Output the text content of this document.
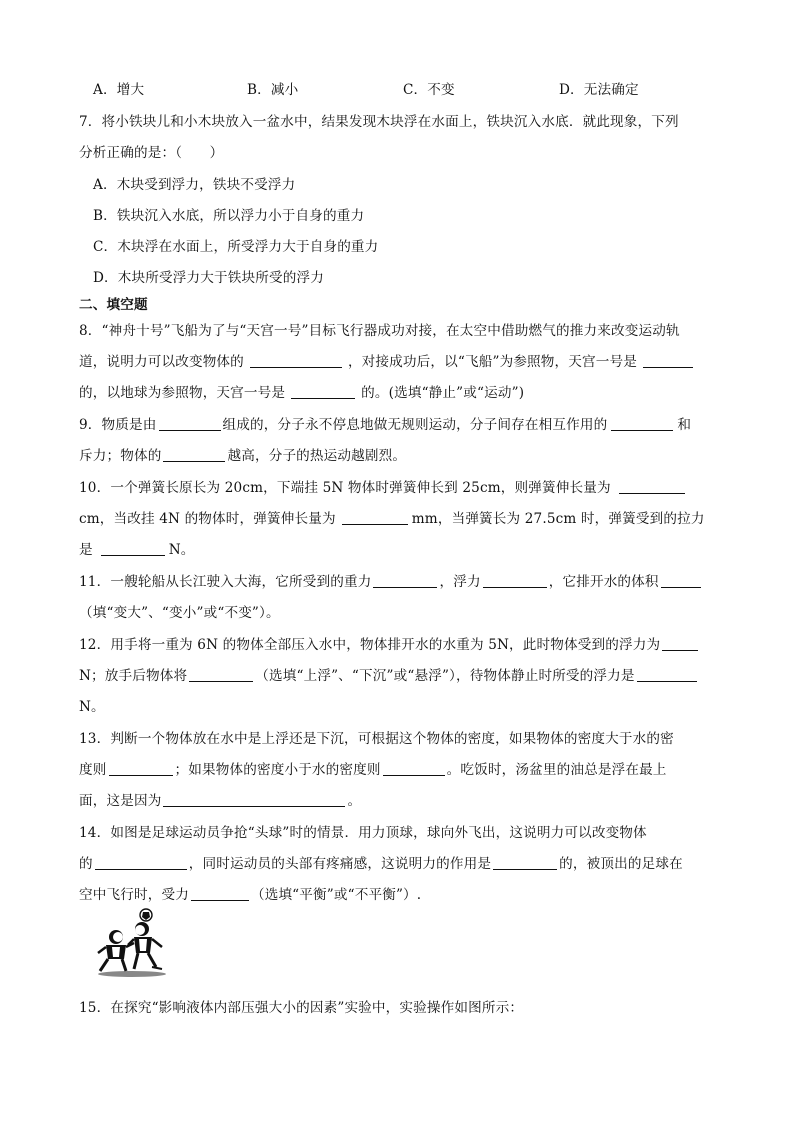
A．增大	B．减小	C．不变	D．无法确定
7．将小铁块儿和小木块放入一盆水中，结果发现木块浮在水面上，铁块沉入水底．就此现象，下列
分析正确的是：（　　）
A．木块受到浮力，铁块不受浮力
B．铁块沉入水底，所以浮力小于自身的重力
C．木块浮在水面上，所受浮力大于自身的重力
D．木块所受浮力大于铁块所受的浮力
二、填空题
8．“神舟十号”飞船为了与“天宫一号”目标飞行器成功对接，在太空中借助燃气的推力来改变运动轨
道，说明力可以改变物体的	，对接成功后，以“飞船”为参照物，天宫一号是
的，以地球为参照物，天宫一号是	的。(选填“静止”或“运动”)
9．物质是由	组成的，分子永不停息地做无规则运动，分子间存在相互作用的	和
斥力；物体的	越高，分子的热运动越剧烈。
10．一个弹簧长原长为 20cm，下端挂 5N 物体时弹簧伸长到 25cm，则弹簧伸长量为
cm，当改挂 4N 的物体时，弹簧伸长量为	mm，当弹簧长为 27.5cm 时，弹簧受到的拉力
是	N。
11．一艘轮船从长江驶入大海，它所受到的重力	，浮力	，它排开水的体积
（填“变大”、“变小”或“不变”）。
12．用手将一重为 6N 的物体全部压入水中，物体排开水的水重为 5N，此时物体受到的浮力为
N；放手后物体将	（选填“上浮”、“下沉”或“悬浮”），待物体静止时所受的浮力是
N。
13．判断一个物体放在水中是上浮还是下沉，可根据这个物体的密度，如果物体的密度大于水的密
度则	；如果物体的密度小于水的密度则	。吃饭时，汤盆里的油总是浮在最上
面，这是因为	。
14．如图是足球运动员争抢“头球”时的情景．用力顶球，球向外飞出，这说明力可以改变物体
的	，同时运动员的头部有疼痛感，这说明力的作用是	的，被顶出的足球在
空中飞行时，受力	（选填“平衡”或“不平衡”）.
15．在探究“影响液体内部压强大小的因素”实验中，实验操作如图所示：
